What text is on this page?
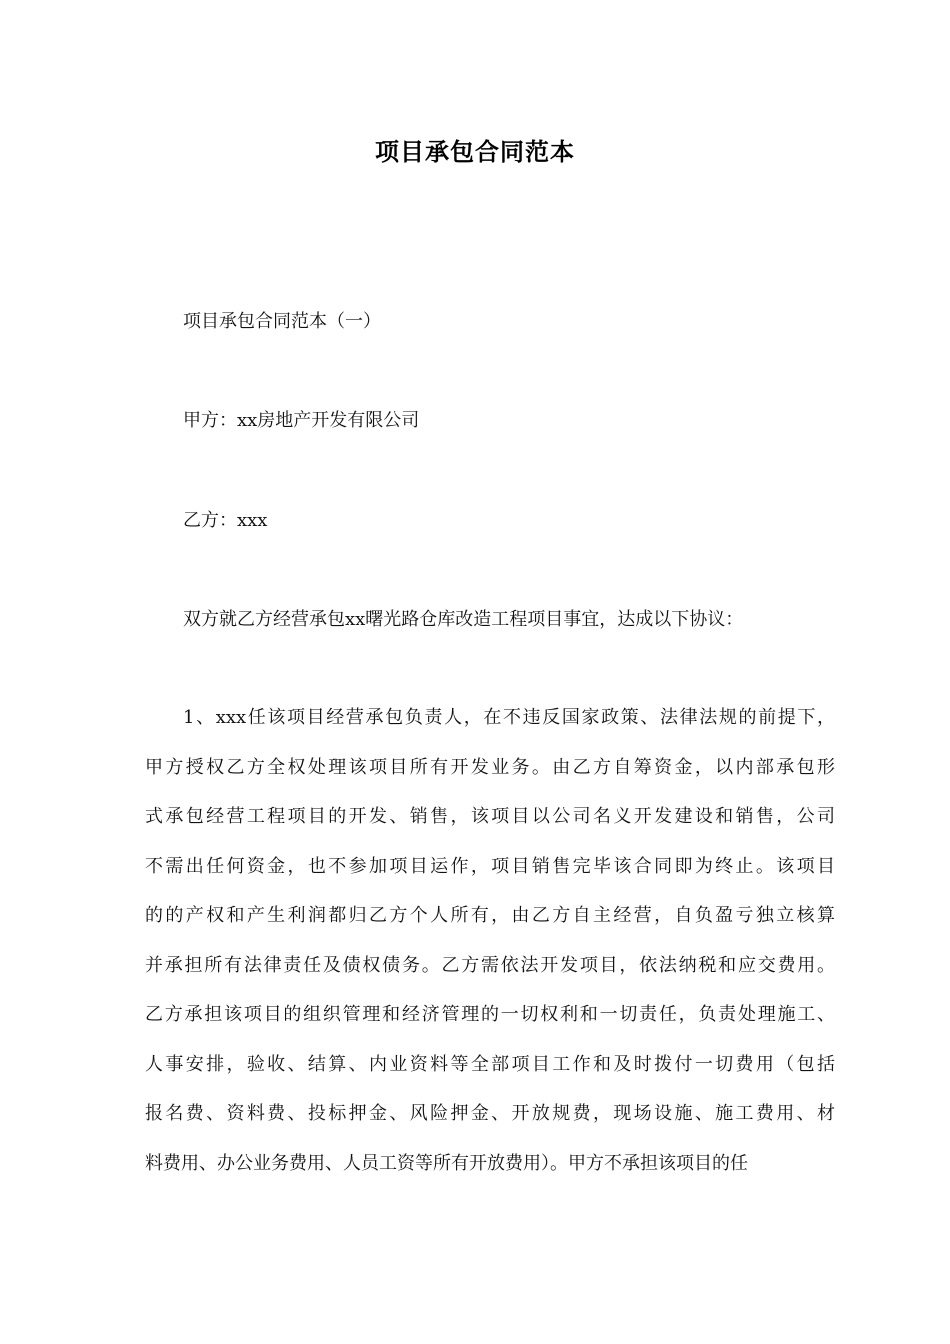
项目承包合同范本
项目承包合同范本（一）
甲方：xx房地产开发有限公司
乙方：xxx
双方就乙方经营承包xx曙光路仓库改造工程项目事宜，达成以下协议：
1、xxx任该项目经营承包负责人，在不违反国家政策、法律法规的前提下，
甲方授权乙方全权处理该项目所有开发业务。由乙方自筹资金，以内部承包形
式承包经营工程项目的开发、销售，该项目以公司名义开发建设和销售，公司
不需出任何资金，也不参加项目运作，项目销售完毕该合同即为终止。该项目
的的产权和产生利润都归乙方个人所有，由乙方自主经营，自负盈亏独立核算
并承担所有法律责任及债权债务。乙方需依法开发项目，依法纳税和应交费用。
乙方承担该项目的组织管理和经济管理的一切权利和一切责任，负责处理施工、
人事安排，验收、结算、内业资料等全部项目工作和及时拨付一切费用（包括
报名费、资料费、投标押金、风险押金、开放规费，现场设施、施工费用、材
料费用、办公业务费用、人员工资等所有开放费用）。甲方不承担该项目的任
